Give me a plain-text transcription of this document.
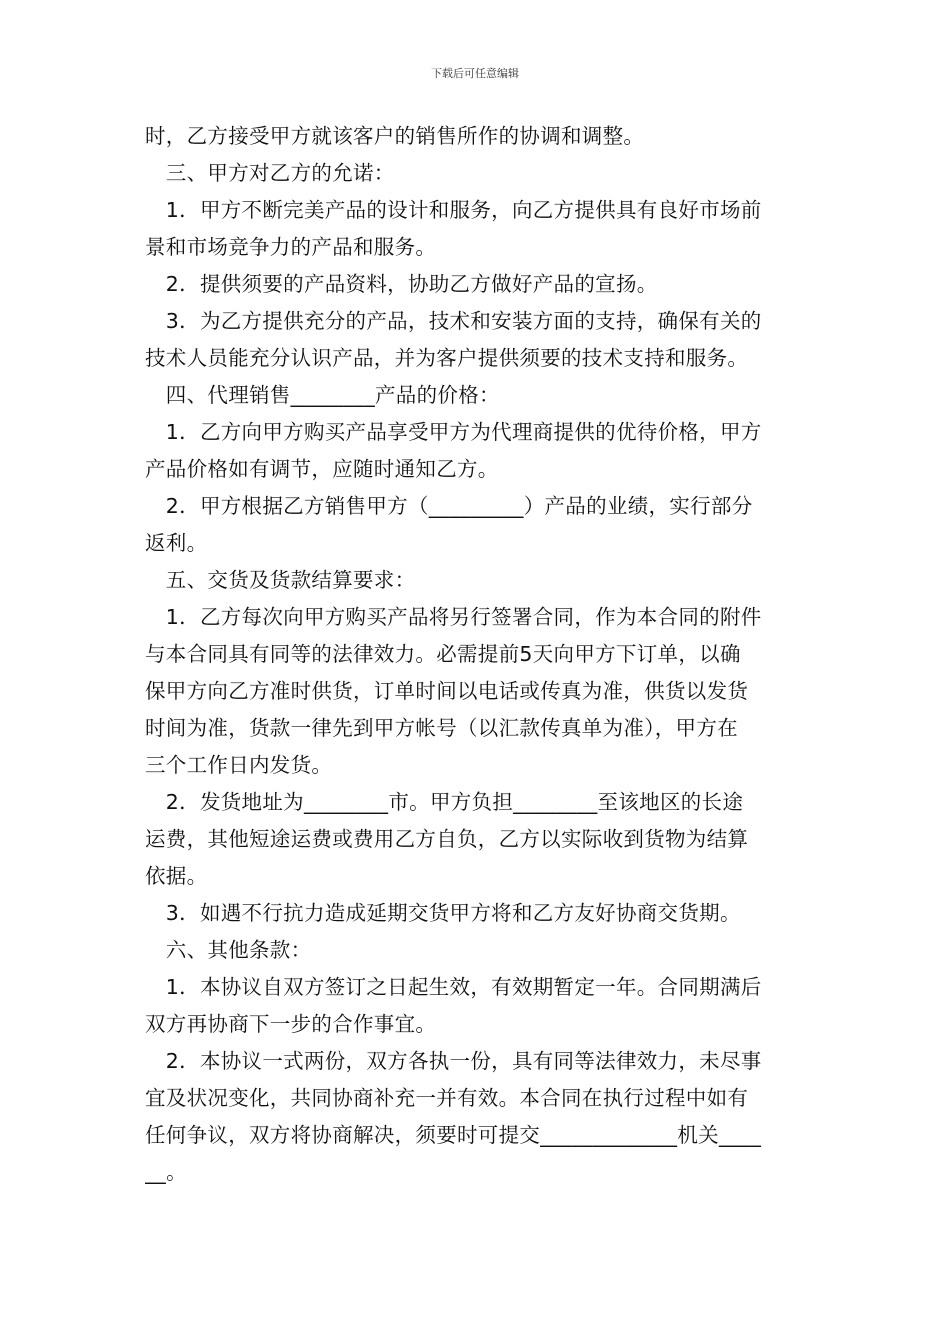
下载后可任意编辑
时，乙方接受甲方就该客户的销售所作的协调和调整。
　三、甲方对乙方的允诺：
　1．甲方不断完美产品的设计和服务，向乙方提供具有良好市场前
景和市场竞争力的产品和服务。
　2．提供须要的产品资料，协助乙方做好产品的宣扬。
　3．为乙方提供充分的产品，技术和安装方面的支持，确保有关的
技术人员能充分认识产品，并为客户提供须要的技术支持和服务。
　四、代理销售________产品的价格：
　1．乙方向甲方购买产品享受甲方为代理商提供的优待价格，甲方
产品价格如有调节，应随时通知乙方。
　2．甲方根据乙方销售甲方（_________）产品的业绩，实行部分
返利。
　五、交货及货款结算要求：
　1．乙方每次向甲方购买产品将另行签署合同，作为本合同的附件
与本合同具有同等的法律效力。必需提前5天向甲方下订单，以确
保甲方向乙方准时供货，订单时间以电话或传真为准，供货以发货
时间为准，货款一律先到甲方帐号（以汇款传真单为准），甲方在
三个工作日内发货。
　2．发货地址为________市。甲方负担________至该地区的长途
运费，其他短途运费或费用乙方自负，乙方以实际收到货物为结算
依据。
　3．如遇不行抗力造成延期交货甲方将和乙方友好协商交货期。
　六、其他条款：
　1．本协议自双方签订之日起生效，有效期暂定一年。合同期满后
双方再协商下一步的合作事宜。
　2．本协议一式两份，双方各执一份，具有同等法律效力，未尽事
宜及状况变化，共同协商补充一并有效。本合同在执行过程中如有
任何争议，双方将协商解决，须要时可提交_____________机关____
__。
